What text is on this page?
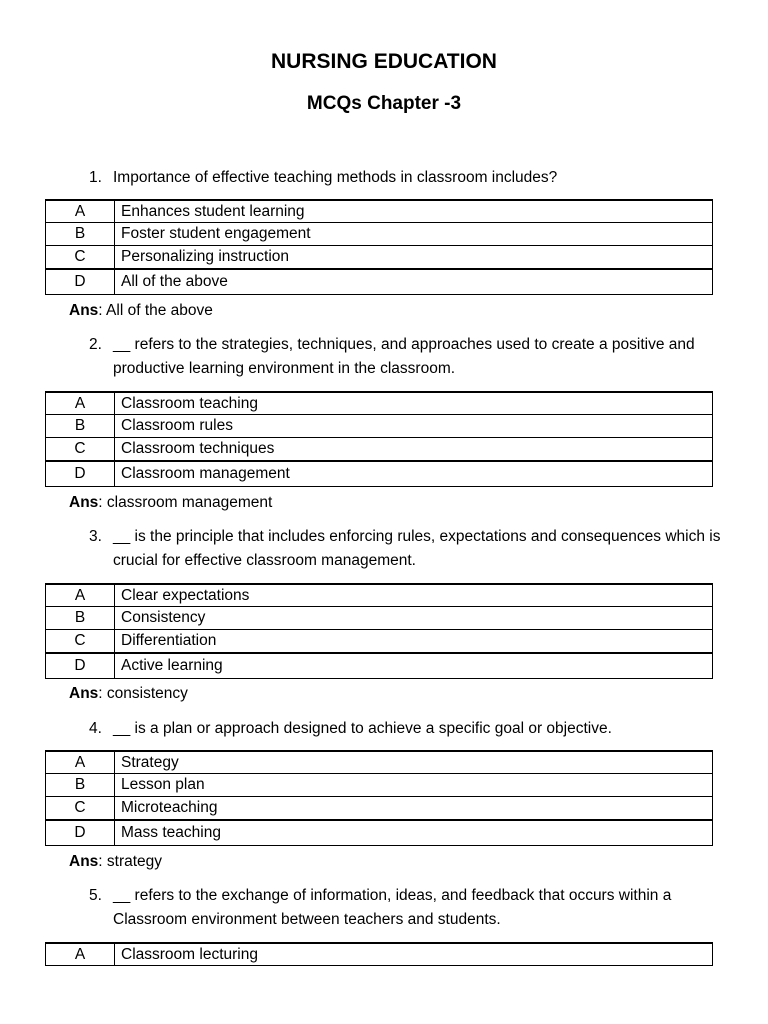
NURSING EDUCATION
MCQs Chapter -3

1. Importance of effective teaching methods in classroom includes?

A	Enhances student learning
B	Foster student engagement
C	Personalizing instruction
D	All of the above

Ans: All of the above

2. __ refers to the strategies, techniques, and approaches used to create a positive and productive learning environment in the classroom.

A	Classroom teaching
B	Classroom rules
C	Classroom techniques
D	Classroom management

Ans: classroom management

3. __ is the principle that includes enforcing rules, expectations and consequences which is crucial for effective classroom management.

A	Clear expectations
B	Consistency
C	Differentiation
D	Active learning

Ans: consistency

4. __ is a plan or approach designed to achieve a specific goal or objective.

A	Strategy
B	Lesson plan
C	Microteaching
D	Mass teaching

Ans: strategy

5. __ refers to the exchange of information, ideas, and feedback that occurs within a Classroom environment between teachers and students.

A	Classroom lecturing
